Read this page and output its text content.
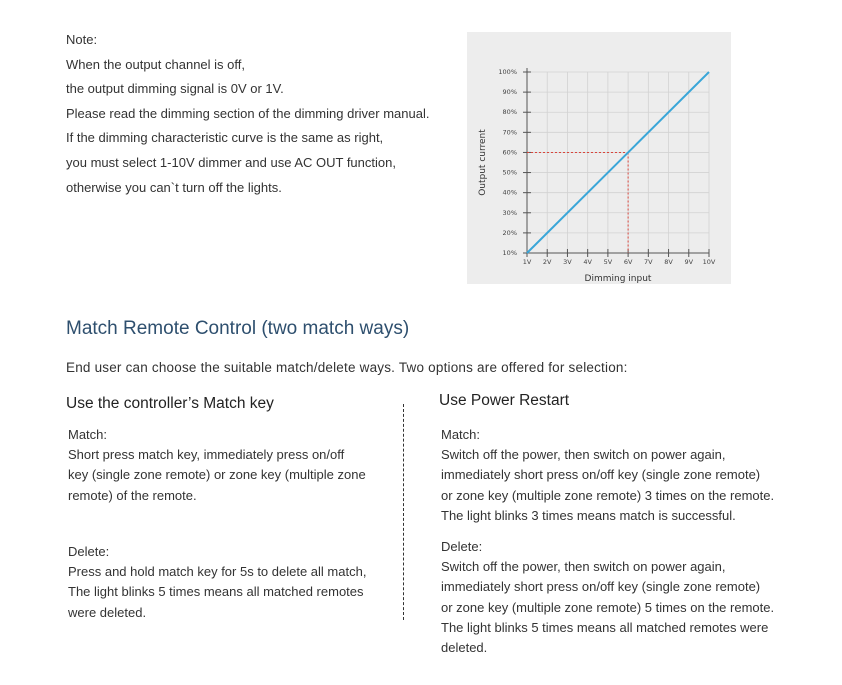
Note:
When the output channel is off,
the output dimming signal is 0V or 1V.
Please read the dimming section of the dimming driver manual.
If the dimming characteristic curve is the same as right,
you must select 1-10V dimmer and use AC OUT function,
otherwise you can`t turn off the lights.
10%
20%
30%
40%
50%
60%
70%
80%
90%
100%
1V 2V 3V 4V 5V 6V 7V 8V 9V 10V
Dimming input
Output current
Match Remote Control (two match ways)
End user can choose the suitable match/delete ways. Two options are offered for selection:
Use the controller’s Match key
Match:
Short press match key, immediately press on/off
key (single zone remote) or zone key (multiple zone
remote) of the remote.
Delete:
Press and hold match key for 5s to delete all match,
The light blinks 5 times means all matched remotes
were deleted.
Use Power Restart
Match:
Switch off the power, then switch on power again,
immediately short press on/off key (single zone remote)
or zone key (multiple zone remote) 3 times on the remote.
The light blinks 3 times means match is successful.
Delete:
Switch off the power, then switch on power again,
immediately short press on/off key (single zone remote)
or zone key (multiple zone remote) 5 times on the remote.
The light blinks 5 times means all matched remotes were
deleted.
